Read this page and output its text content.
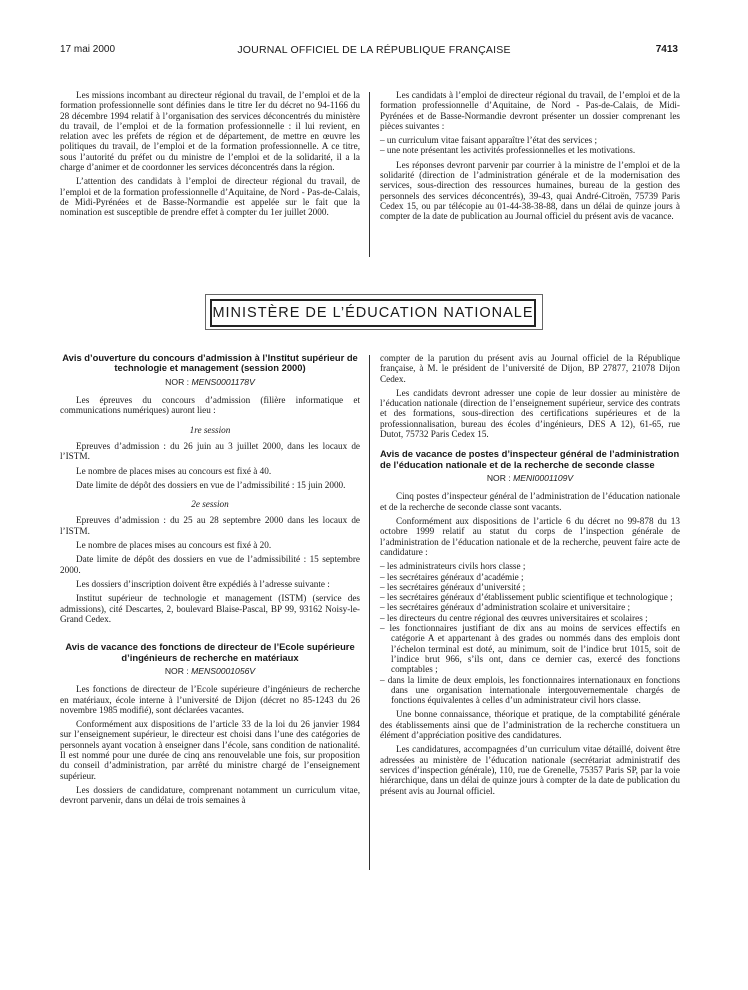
17 mai 2000	JOURNAL OFFICIEL DE LA RÉPUBLIQUE FRANÇAISE	7413

Les missions incombant au directeur régional du travail, de l’emploi et de la formation professionnelle sont définies dans le titre Ier du décret no 94-1166 du 28 décembre 1994 relatif à l’organisation des services déconcentrés du ministère du travail, de l’emploi et de la formation professionnelle : il lui revient, en relation avec les préfets de région et de département, de mettre en œuvre les politiques du travail, de l’emploi et de la formation professionnelle. A ce titre, sous l’autorité du préfet ou du ministre de l’emploi et de la solidarité, il a la charge d’animer et de coordonner les services déconcentrés dans la région.

L’attention des candidats à l’emploi de directeur régional du travail, de l’emploi et de la formation professionnelle d’Aquitaine, de Nord - Pas-de-Calais, de Midi-Pyrénées et de Basse-Normandie est appelée sur le fait que la nomination est susceptible de prendre effet à compter du 1er juillet 2000.

Les candidats à l’emploi de directeur régional du travail, de l’emploi et de la formation professionnelle d’Aquitaine, de Nord - Pas-de-Calais, de Midi-Pyrénées et de Basse-Normandie devront présenter un dossier comprenant les pièces suivantes :

– un curriculum vitae faisant apparaître l’état des services ;
– une note présentant les activités professionnelles et les motivations.

Les réponses devront parvenir par courrier à la ministre de l’emploi et de la solidarité (direction de l’administration générale et de la modernisation des services, sous-direction des ressources humaines, bureau de la gestion des personnels des services déconcentrés), 39-43, quai André-Citroën, 75739 Paris Cedex 15, ou par télécopie au 01-44-38-38-88, dans un délai de quinze jours à compter de la date de publication au Journal officiel du présent avis de vacance.

MINISTÈRE DE L’ÉDUCATION NATIONALE
Avis d’ouverture du concours d’admission à l’Institut supérieur de technologie et management (session 2000)
NOR : MENS0001178V

Les épreuves du concours d’admission (filière informatique et communications numériques) auront lieu :

1re session

Epreuves d’admission : du 26 juin au 3 juillet 2000, dans les locaux de l’ISTM.

Le nombre de places mises au concours est fixé à 40.

Date limite de dépôt des dossiers en vue de l’admissibilité : 15 juin 2000.

2e session

Epreuves d’admission : du 25 au 28 septembre 2000 dans les locaux de l’ISTM.

Le nombre de places mises au concours est fixé à 20.

Date limite de dépôt des dossiers en vue de l’admissibilité : 15 septembre 2000.

Les dossiers d’inscription doivent être expédiés à l’adresse suivante :

Institut supérieur de technologie et management (ISTM) (service des admissions), cité Descartes, 2, boulevard Blaise-Pascal, BP 99, 93162 Noisy-le-Grand Cedex.

Avis de vacance des fonctions de directeur de l’Ecole supérieure d’ingénieurs de recherche en matériaux
NOR : MENS0001056V

Les fonctions de directeur de l’Ecole supérieure d’ingénieurs de recherche en matériaux, école interne à l’université de Dijon (décret no 85-1243 du 26 novembre 1985 modifié), sont déclarées vacantes.

Conformément aux dispositions de l’article 33 de la loi du 26 janvier 1984 sur l’enseignement supérieur, le directeur est choisi dans l’une des catégories de personnels ayant vocation à enseigner dans l’école, sans condition de nationalité. Il est nommé pour une durée de cinq ans renouvelable une fois, sur proposition du conseil d’administration, par arrêté du ministre chargé de l’enseignement supérieur.

Les dossiers de candidature, comprenant notamment un curriculum vitae, devront parvenir, dans un délai de trois semaines à

compter de la parution du présent avis au Journal officiel de la République française, à M. le président de l’université de Dijon, BP 27877, 21078 Dijon Cedex.

Les candidats devront adresser une copie de leur dossier au ministère de l’éducation nationale (direction de l’enseignement supérieur, service des contrats et des formations, sous-direction des certifications supérieures et de la professionnalisation, bureau des écoles d’ingénieurs, DES A 12), 61-65, rue Dutot, 75732 Paris Cedex 15.

Avis de vacance de postes d’inspecteur général de l’administration de l’éducation nationale et de la recherche de seconde classe
NOR : MENI0001109V

Cinq postes d’inspecteur général de l’administration de l’éducation nationale et de la recherche de seconde classe sont vacants.

Conformément aux dispositions de l’article 6 du décret no 99-878 du 13 octobre 1999 relatif au statut du corps de l’inspection générale de l’administration de l’éducation nationale et de la recherche, peuvent faire acte de candidature :

– les administrateurs civils hors classe ;
– les secrétaires généraux d’académie ;
– les secrétaires généraux d’université ;
– les secrétaires généraux d’établissement public scientifique et technologique ;
– les secrétaires généraux d’administration scolaire et universitaire ;
– les directeurs du centre régional des œuvres universitaires et scolaires ;
– les fonctionnaires justifiant de dix ans au moins de services effectifs en catégorie A et appartenant à des grades ou nommés dans des emplois dont l’échelon terminal est doté, au minimum, soit de l’indice brut 1015, soit de l’indice brut 966, s’ils ont, dans ce dernier cas, exercé des fonctions comptables ;
– dans la limite de deux emplois, les fonctionnaires internationaux en fonctions dans une organisation internationale intergouvernementale chargés de fonctions équivalentes à celles d’un administrateur civil hors classe.

Une bonne connaissance, théorique et pratique, de la comptabilité générale des établissements ainsi que de l’administration de la recherche constituera un élément d’appréciation positive des candidatures.

Les candidatures, accompagnées d’un curriculum vitae détaillé, doivent être adressées au ministère de l’éducation nationale (secrétariat administratif des services d’inspection générale), 110, rue de Grenelle, 75357 Paris SP, par la voie hiérarchique, dans un délai de quinze jours à compter de la date de publication du présent avis au Journal officiel.
